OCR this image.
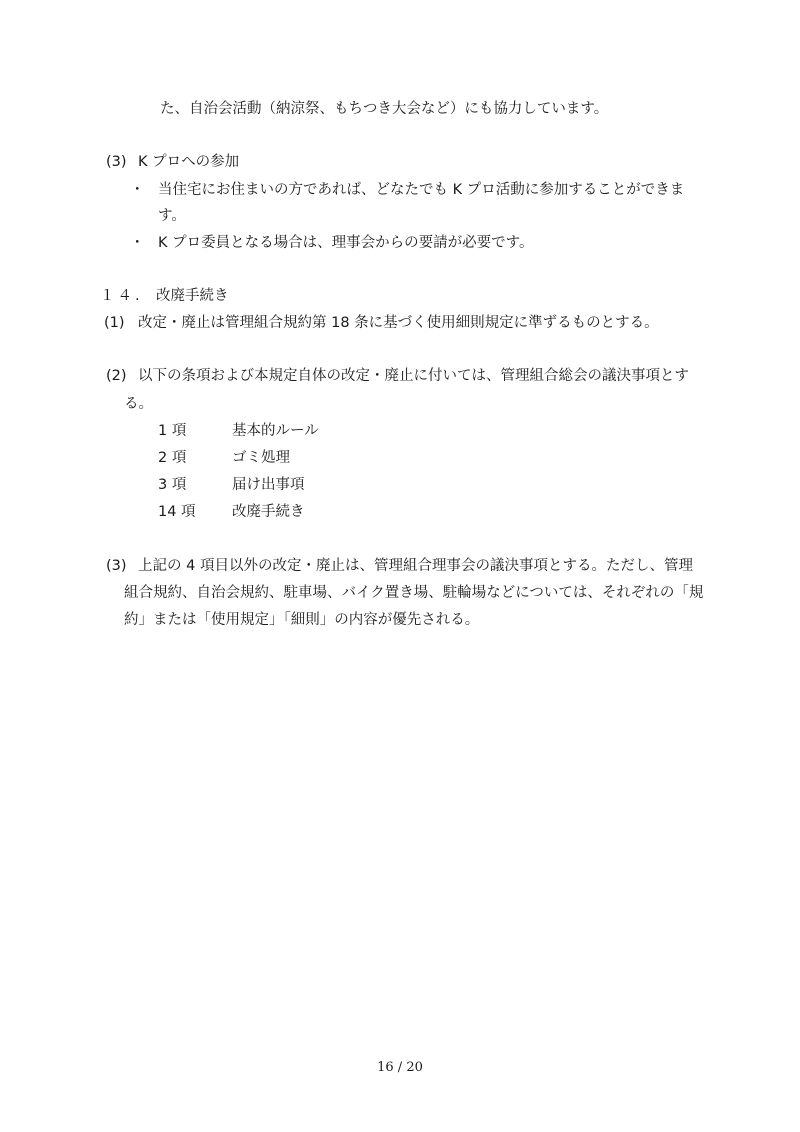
た、自治会活動（納涼祭、もちつき大会など）にも協力しています。
(3) K プロへの参加
・ 当住宅にお住まいの方であれば、どなたでも K プロ活動に参加することができま
す。
・ K プロ委員となる場合は、理事会からの要請が必要です。
１４. 改廃手続き
(1) 改定・廃止は管理組合規約第 18 条に基づく使用細則規定に準ずるものとする。
(2) 以下の条項および本規定自体の改定・廃止に付いては、管理組合総会の議決事項とす
る。
1 項	基本的ルール
2 項	ゴミ処理
3 項	届け出事項
14 項	改廃手続き
(3) 上記の 4 項目以外の改定・廃止は、管理組合理事会の議決事項とする。ただし、管理
組合規約、自治会規約、駐車場、バイク置き場、駐輪場などについては、それぞれの「規
約」または「使用規定」「細則」の内容が優先される。
16 / 20
